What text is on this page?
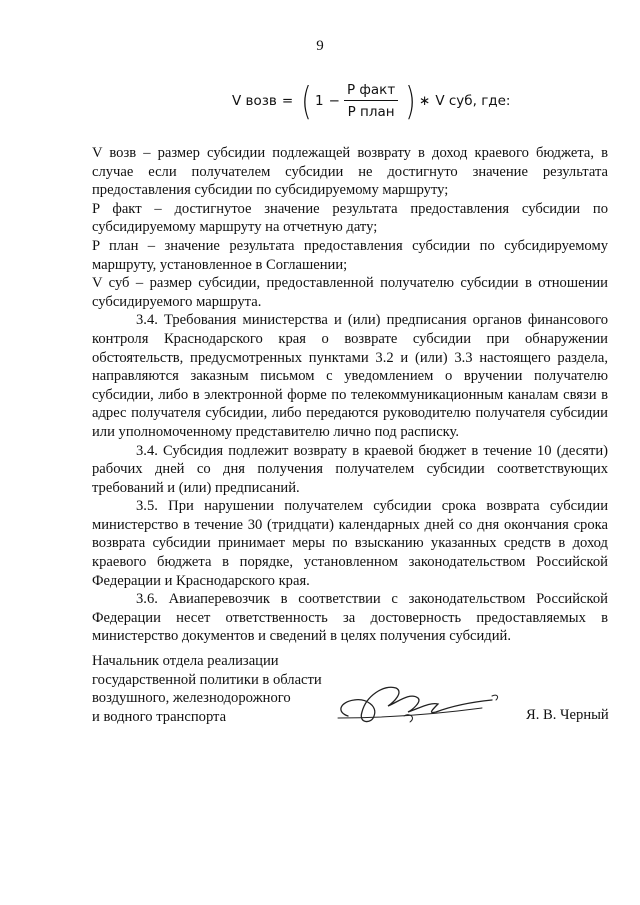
9
V возв = ( $1 - \frac{\text{P факт}}{\text{P план}}$ ) ∗ V суб, где:

V возв – размер субсидии подлежащей возврату в доход краевого бюджета, в случае если получателем субсидии не достигнуто значение результата предоставления субсидии по субсидируемому маршруту;

P факт – достигнутое значение результата предоставления субсидии по субсидируемому маршруту на отчетную дату;

P план – значение результата предоставления субсидии по субсидируемому маршруту, установленное в Соглашении;

V суб – размер субсидии, предоставленной получателю субсидии в отношении субсидируемого маршрута.

3.4. Требования министерства и (или) предписания органов финансового контроля Краснодарского края о возврате субсидии при обнаружении обстоятельств, предусмотренных пунктами 3.2 и (или) 3.3 настоящего раздела, направляются заказным письмом с уведомлением о вручении получателю субсидии, либо в электронной форме по телекоммуникационным каналам связи в адрес получателя субсидии, либо передаются руководителю получателя субсидии или уполномоченному представителю лично под расписку.

3.4. Субсидия подлежит возврату в краевой бюджет в течение 10 (десяти) рабочих дней со дня получения получателем субсидии соответствующих требований и (или) предписаний.

3.5. При нарушении получателем субсидии срока возврата субсидии министерство в течение 30 (тридцати) календарных дней со дня окончания срока возврата субсидии принимает меры по взысканию указанных средств в доход краевого бюджета в порядке, установленном законодательством Российской Федерации и Краснодарского края.

3.6. Авиаперевозчик в соответствии с законодательством Российской Федерации несет ответственность за достоверность предоставляемых в министерство документов и сведений в целях получения субсидий.

Начальник отдела реализации
государственной политики в области
воздушного, железнодорожного
и водного транспорта	Я. В. Черный
